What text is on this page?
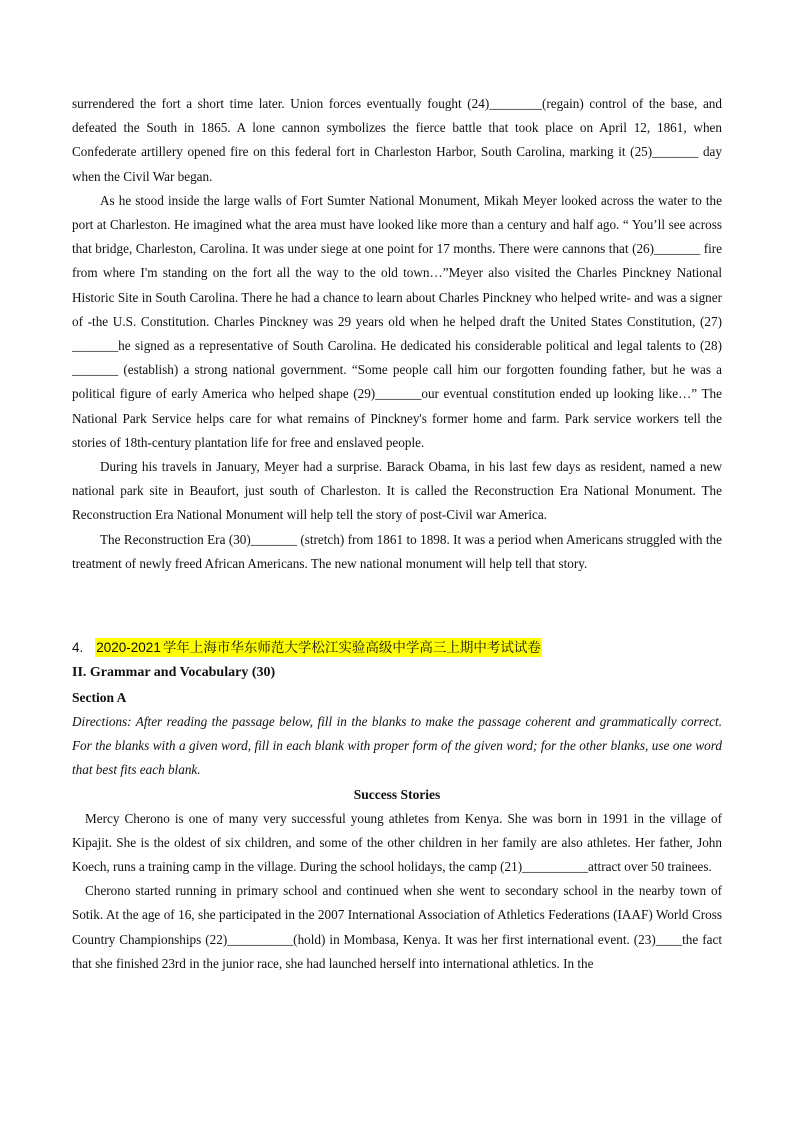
surrendered the fort a short time later. Union forces eventually fought (24)________(regain) control of the base, and defeated the South in 1865. A lone cannon symbolizes the fierce battle that took place on April 12, 1861, when Confederate artillery opened fire on this federal fort in Charleston Harbor, South Carolina, marking it (25)_______ day when the Civil War began.

As he stood inside the large walls of Fort Sumter National Monument, Mikah Meyer looked across the water to the port at Charleston. He imagined what the area must have looked like more than a century and half ago. “ You’ll see across that bridge, Charleston, Carolina. It was under siege at one point for 17 months. There were cannons that (26)_______ fire from where I'm standing on the fort all the way to the old town…”Meyer also visited the Charles Pinckney National Historic Site in South Carolina. There he had a chance to learn about Charles Pinckney who helped write- and was a signer of -the U.S. Constitution. Charles Pinckney was 29 years old when he helped draft the United States Constitution, (27) _______he signed as a representative of South Carolina. He dedicated his considerable political and legal talents to (28) _______ (establish) a strong national government. “Some people call him our forgotten founding father, but he was a political figure of early America who helped shape (29)_______our eventual constitution ended up looking like…” The National Park Service helps care for what remains of Pinckney's former home and farm. Park service workers tell the stories of 18th-century plantation life for free and enslaved people.

During his travels in January, Meyer had a surprise. Barack Obama, in his last few days as resident, named a new national park site in Beaufort, just south of Charleston. It is called the Reconstruction Era National Monument. The Reconstruction Era National Monument will help tell the story of post-Civil war America.

The Reconstruction Era (30)_______ (stretch) from 1861 to 1898. It was a period when Americans struggled with the treatment of newly freed African Americans. The new national monument will help tell that story.

4. 2020-2021 学年上海市华东师范大学松江实验高级中学高三上期中考试试卷

II. Grammar and Vocabulary (30)

Section A

Directions: After reading the passage below, fill in the blanks to make the passage coherent and grammatically correct. For the blanks with a given word, fill in each blank with proper form of the given word; for the other blanks, use one word that best fits each blank.

Success Stories

Mercy Cherono is one of many very successful young athletes from Kenya. She was born in 1991 in the village of Kipajit. She is the oldest of six children, and some of the other children in her family are also athletes. Her father, John Koech, runs a training camp in the village. During the school holidays, the camp (21)__________attract over 50 trainees.

Cherono started running in primary school and continued when she went to secondary school in the nearby town of Sotik. At the age of 16, she participated in the 2007 International Association of Athletics Federations (IAAF) World Cross Country Championships (22)__________(hold) in Mombasa, Kenya. It was her first international event. (23)____the fact that she finished 23rd in the junior race, she had launched herself into international athletics. In the
